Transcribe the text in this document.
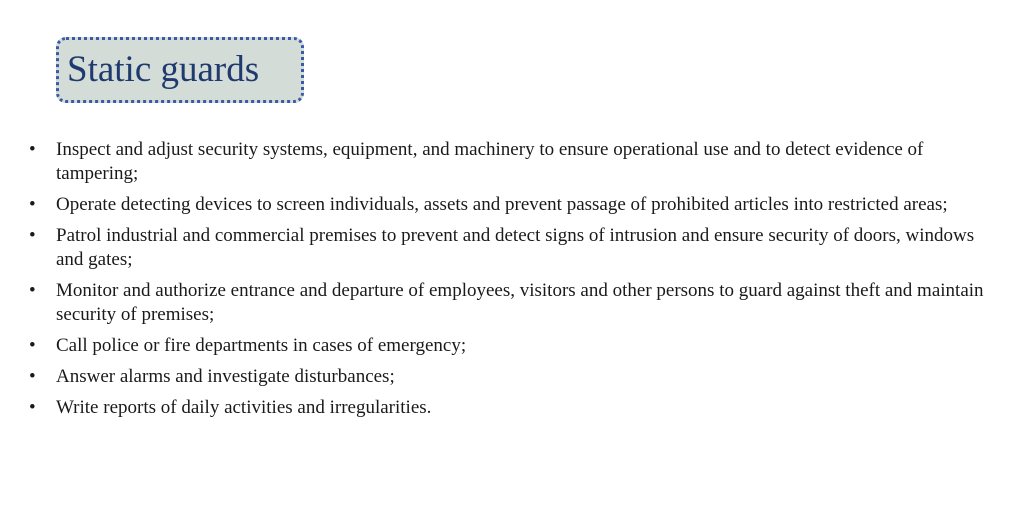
Static guards
• Inspect and adjust security systems, equipment, and machinery to ensure operational use and to detect evidence of tampering;
• Operate detecting devices to screen individuals, assets and prevent passage of prohibited articles into restricted areas;
• Patrol industrial and commercial premises to prevent and detect signs of intrusion and ensure security of doors, windows and gates;
• Monitor and authorize entrance and departure of employees, visitors and other persons to guard against theft and maintain security of premises;
• Call police or fire departments in cases of emergency;
• Answer alarms and investigate disturbances;
• Write reports of daily activities and irregularities.
